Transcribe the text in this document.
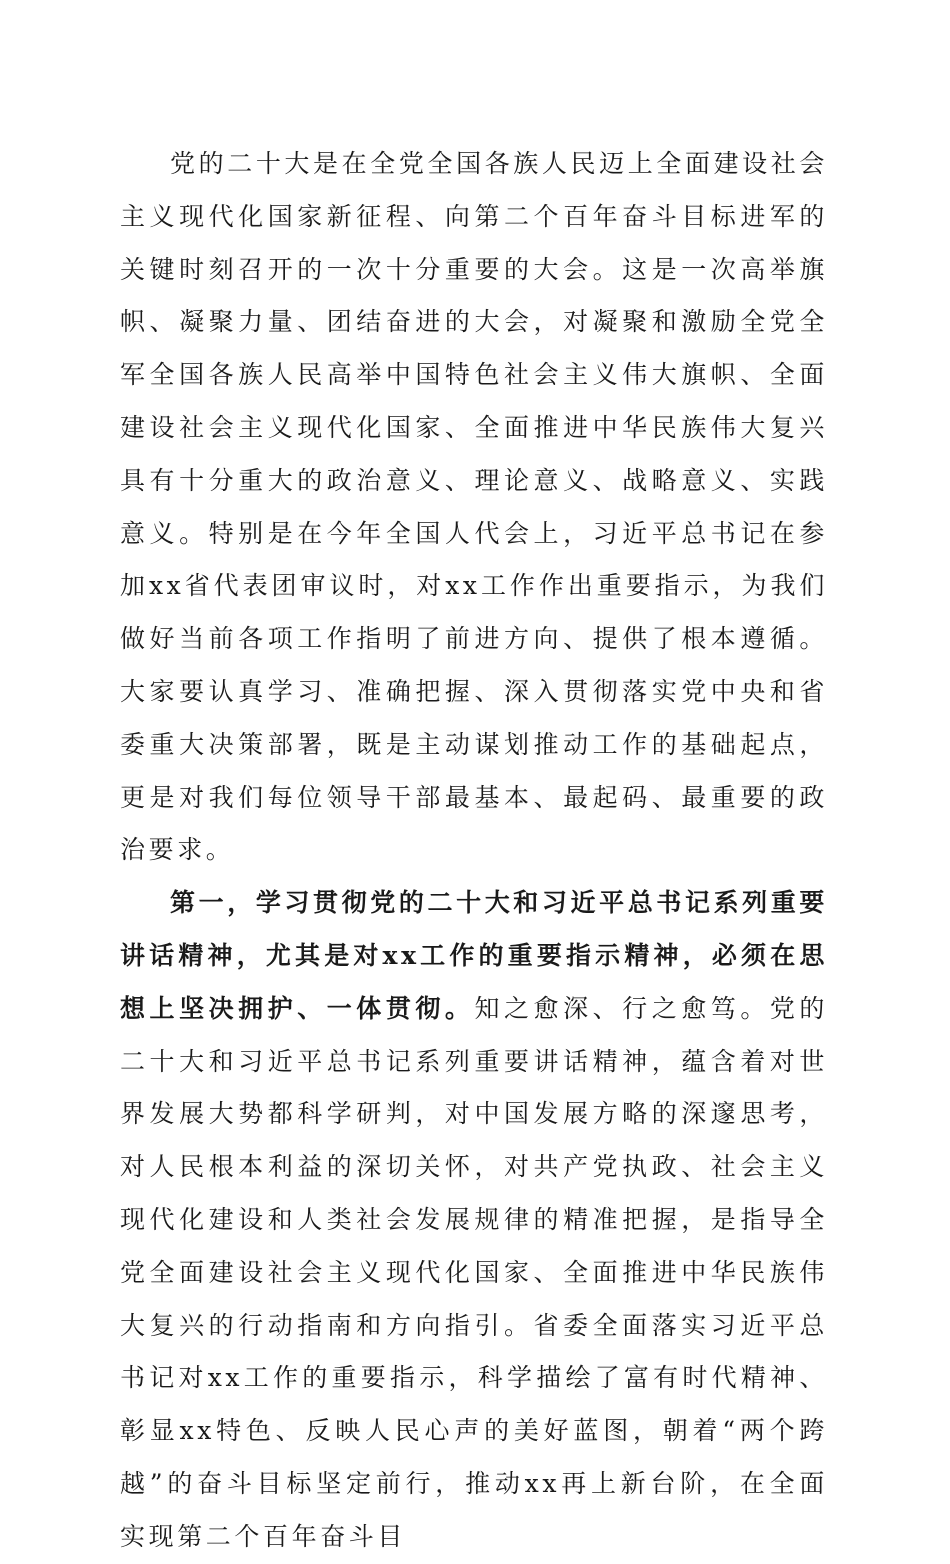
党的二十大是在全党全国各族人民迈上全面建设社会主义现代化国家新征程、向第二个百年奋斗目标进军的关键时刻召开的一次十分重要的大会。这是一次高举旗帜、凝聚力量、团结奋进的大会，对凝聚和激励全党全军全国各族人民高举中国特色社会主义伟大旗帜、全面建设社会主义现代化国家、全面推进中华民族伟大复兴具有十分重大的政治意义、理论意义、战略意义、实践意义。特别是在今年全国人代会上，习近平总书记在参加xx省代表团审议时，对xx工作作出重要指示，为我们做好当前各项工作指明了前进方向、提供了根本遵循。大家要认真学习、准确把握、深入贯彻落实党中央和省委重大决策部署，既是主动谋划推动工作的基础起点，更是对我们每位领导干部最基本、最起码、最重要的政治要求。

第一，学习贯彻党的二十大和习近平总书记系列重要讲话精神，尤其是对xx工作的重要指示精神，必须在思想上坚决拥护、一体贯彻。知之愈深、行之愈笃。党的二十大和习近平总书记系列重要讲话精神，蕴含着对世界发展大势都科学研判，对中国发展方略的深邃思考，对人民根本利益的深切关怀，对共产党执政、社会主义现代化建设和人类社会发展规律的精准把握，是指导全党全面建设社会主义现代化国家、全面推进中华民族伟大复兴的行动指南和方向指引。省委全面落实习近平总书记对xx工作的重要指示，科学描绘了富有时代精神、彰显xx特色、反映人民心声的美好蓝图，朝着“两个跨越”的奋斗目标坚定前行，推动xx再上新台阶，在全面实现第二个百年奋斗目
